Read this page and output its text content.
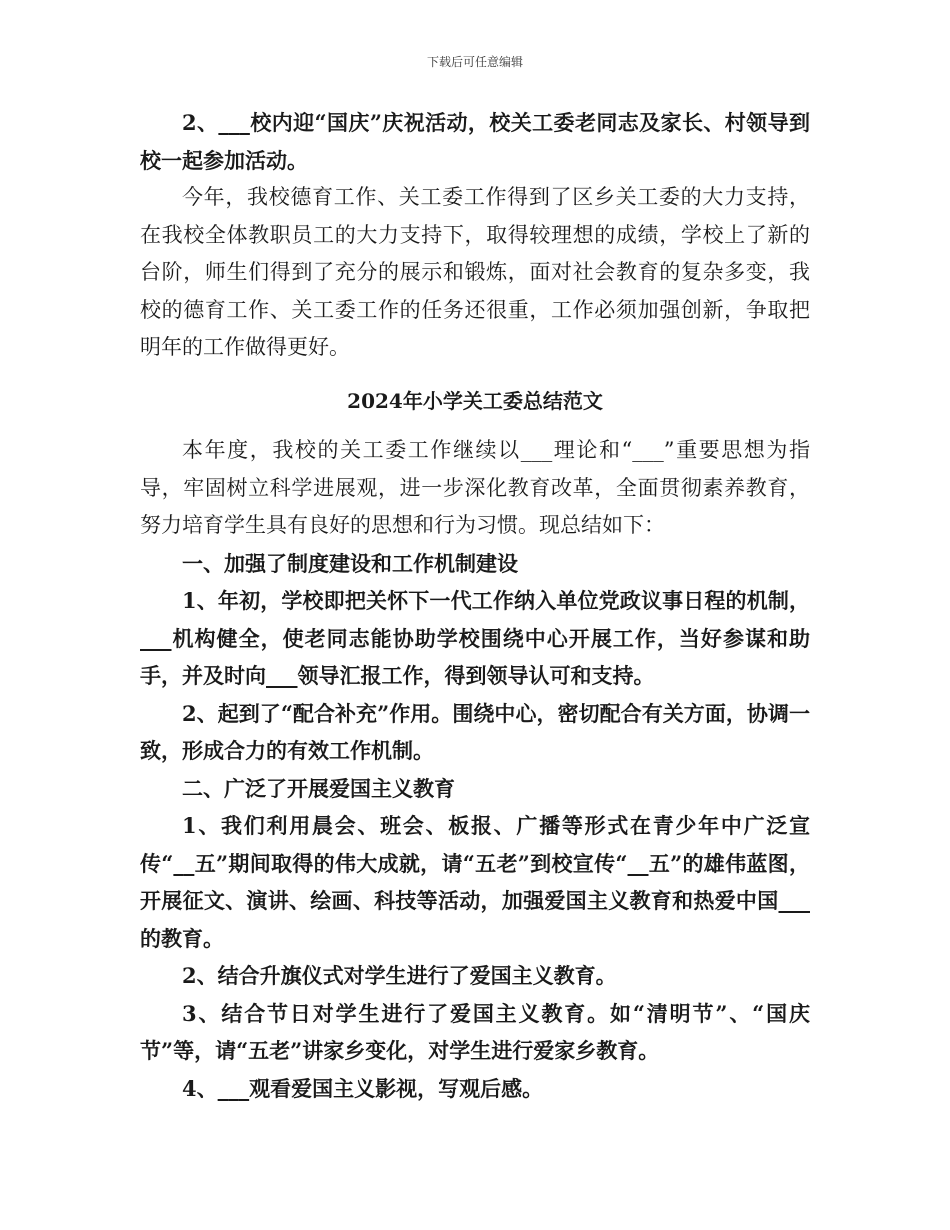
下载后可任意编辑

2、___校内迎“国庆”庆祝活动，校关工委老同志及家长、村领导到校一起参加活动。

今年，我校德育工作、关工委工作得到了区乡关工委的大力支持，在我校全体教职员工的大力支持下，取得较理想的成绩，学校上了新的台阶，师生们得到了充分的展示和锻炼，面对社会教育的复杂多变，我校的德育工作、关工委工作的任务还很重，工作必须加强创新，争取把明年的工作做得更好。

2024年小学关工委总结范文

本年度，我校的关工委工作继续以___理论和“___”重要思想为指导，牢固树立科学进展观，进一步深化教育改革，全面贯彻素养教育，努力培育学生具有良好的思想和行为习惯。现总结如下：

一、加强了制度建设和工作机制建设

1、年初，学校即把关怀下一代工作纳入单位党政议事日程的机制，___机构健全，使老同志能协助学校围绕中心开展工作，当好参谋和助手，并及时向___领导汇报工作，得到领导认可和支持。

2、起到了“配合补充”作用。围绕中心，密切配合有关方面，协调一致，形成合力的有效工作机制。

二、广泛了开展爱国主义教育

1、我们利用晨会、班会、板报、广播等形式在青少年中广泛宣传“__五”期间取得的伟大成就，请“五老”到校宣传“__五”的雄伟蓝图，开展征文、演讲、绘画、科技等活动，加强爱国主义教育和热爱中国___的教育。

2、结合升旗仪式对学生进行了爱国主义教育。

3、结合节日对学生进行了爱国主义教育。如“清明节”、“国庆节”等，请“五老”讲家乡变化，对学生进行爱家乡教育。

4、___观看爱国主义影视，写观后感。
